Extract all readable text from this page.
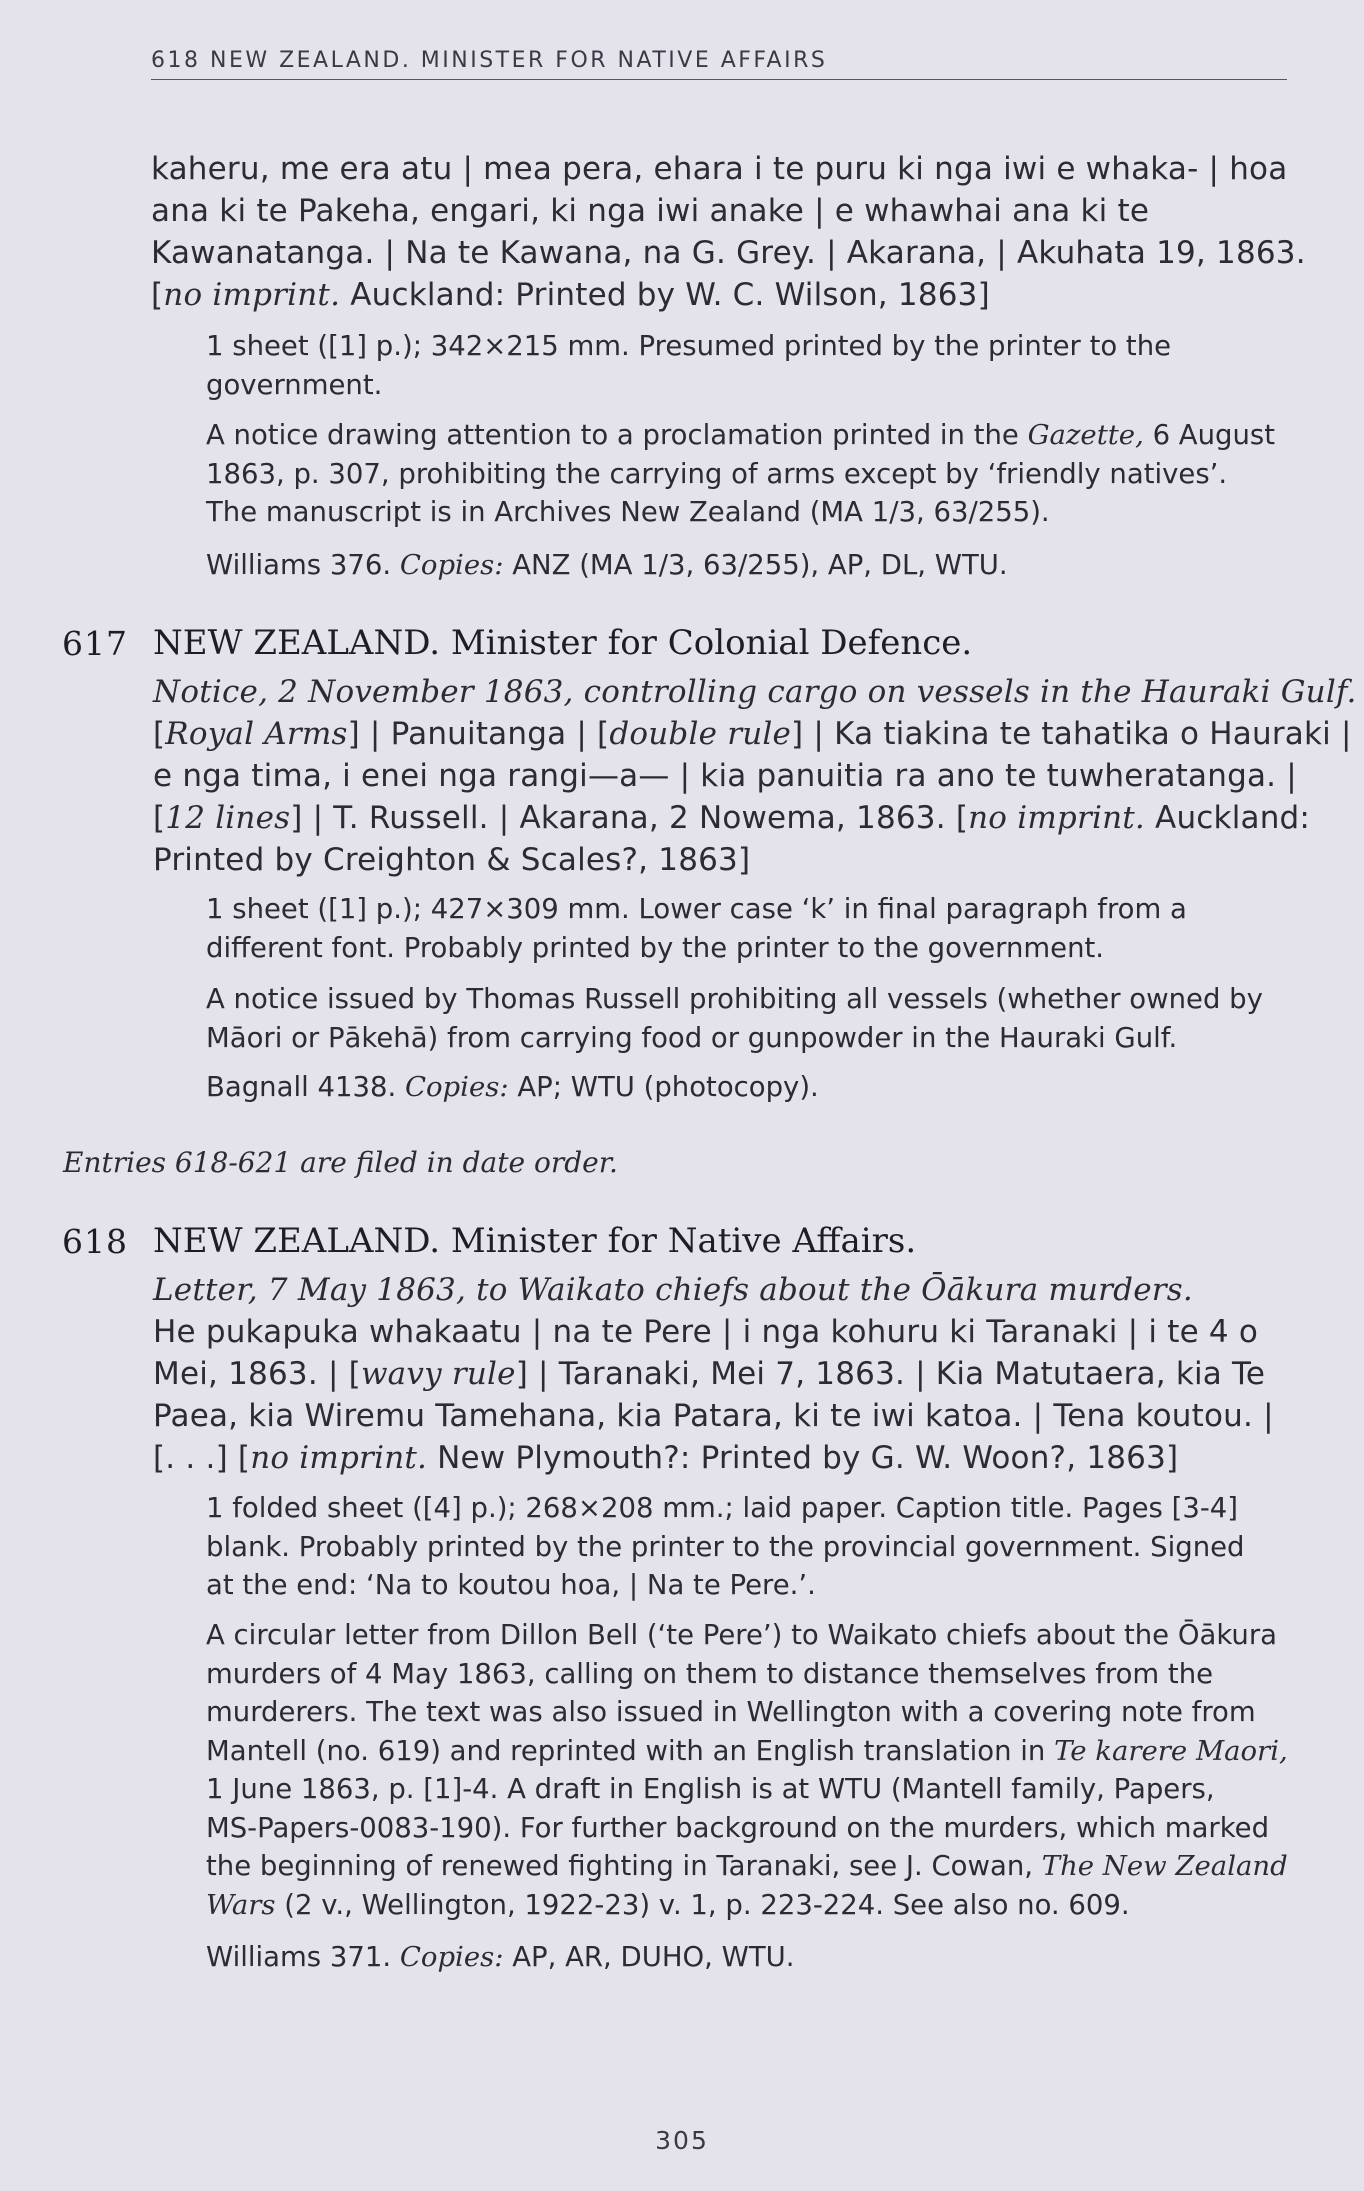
618 NEW ZEALAND. MINISTER FOR NATIVE AFFAIRS
kaheru, me era atu | mea pera, ehara i te puru ki nga iwi e whaka- | hoa
ana ki te Pakeha, engari, ki nga iwi anake | e whawhai ana ki te
Kawanatanga. | Na te Kawana, na G. Grey. | Akarana, | Akuhata 19, 1863.
[no imprint. Auckland: Printed by W. C. Wilson, 1863]
1 sheet ([1] p.); 342×215 mm. Presumed printed by the printer to the
government.
A notice drawing attention to a proclamation printed in the Gazette, 6 August
1863, p. 307, prohibiting the carrying of arms except by ‘friendly natives’.
The manuscript is in Archives New Zealand (MA 1/3, 63/255).
Williams 376. Copies: ANZ (MA 1/3, 63/255), AP, DL, WTU.
617 NEW ZEALAND. Minister for Colonial Defence.
Notice, 2 November 1863, controlling cargo on vessels in the Hauraki Gulf.
[Royal Arms] | Panuitanga | [double rule] | Ka tiakina te tahatika o Hauraki |
e nga tima, i enei nga rangi—a— | kia panuitia ra ano te tuwheratanga. |
[12 lines] | T. Russell. | Akarana, 2 Nowema, 1863. [no imprint. Auckland:
Printed by Creighton & Scales?, 1863]
1 sheet ([1] p.); 427×309 mm. Lower case ‘k’ in final paragraph from a
different font. Probably printed by the printer to the government.
A notice issued by Thomas Russell prohibiting all vessels (whether owned by
Māori or Pākehā) from carrying food or gunpowder in the Hauraki Gulf.
Bagnall 4138. Copies: AP; WTU (photocopy).
Entries 618-621 are filed in date order.
618 NEW ZEALAND. Minister for Native Affairs.
Letter, 7 May 1863, to Waikato chiefs about the Ōākura murders.
He pukapuka whakaatu | na te Pere | i nga kohuru ki Taranaki | i te 4 o
Mei, 1863. | [wavy rule] | Taranaki, Mei 7, 1863. | Kia Matutaera, kia Te
Paea, kia Wiremu Tamehana, kia Patara, ki te iwi katoa. | Tena koutou. |
[. . .] [no imprint. New Plymouth?: Printed by G. W. Woon?, 1863]
1 folded sheet ([4] p.); 268×208 mm.; laid paper. Caption title. Pages [3-4]
blank. Probably printed by the printer to the provincial government. Signed
at the end: ‘Na to koutou hoa, | Na te Pere.’.
A circular letter from Dillon Bell (‘te Pere’) to Waikato chiefs about the Ōākura
murders of 4 May 1863, calling on them to distance themselves from the
murderers. The text was also issued in Wellington with a covering note from
Mantell (no. 619) and reprinted with an English translation in Te karere Maori,
1 June 1863, p. [1]-4. A draft in English is at WTU (Mantell family, Papers,
MS-Papers-0083-190). For further background on the murders, which marked
the beginning of renewed fighting in Taranaki, see J. Cowan, The New Zealand
Wars (2 v., Wellington, 1922-23) v. 1, p. 223-224. See also no. 609.
Williams 371. Copies: AP, AR, DUHO, WTU.
305
